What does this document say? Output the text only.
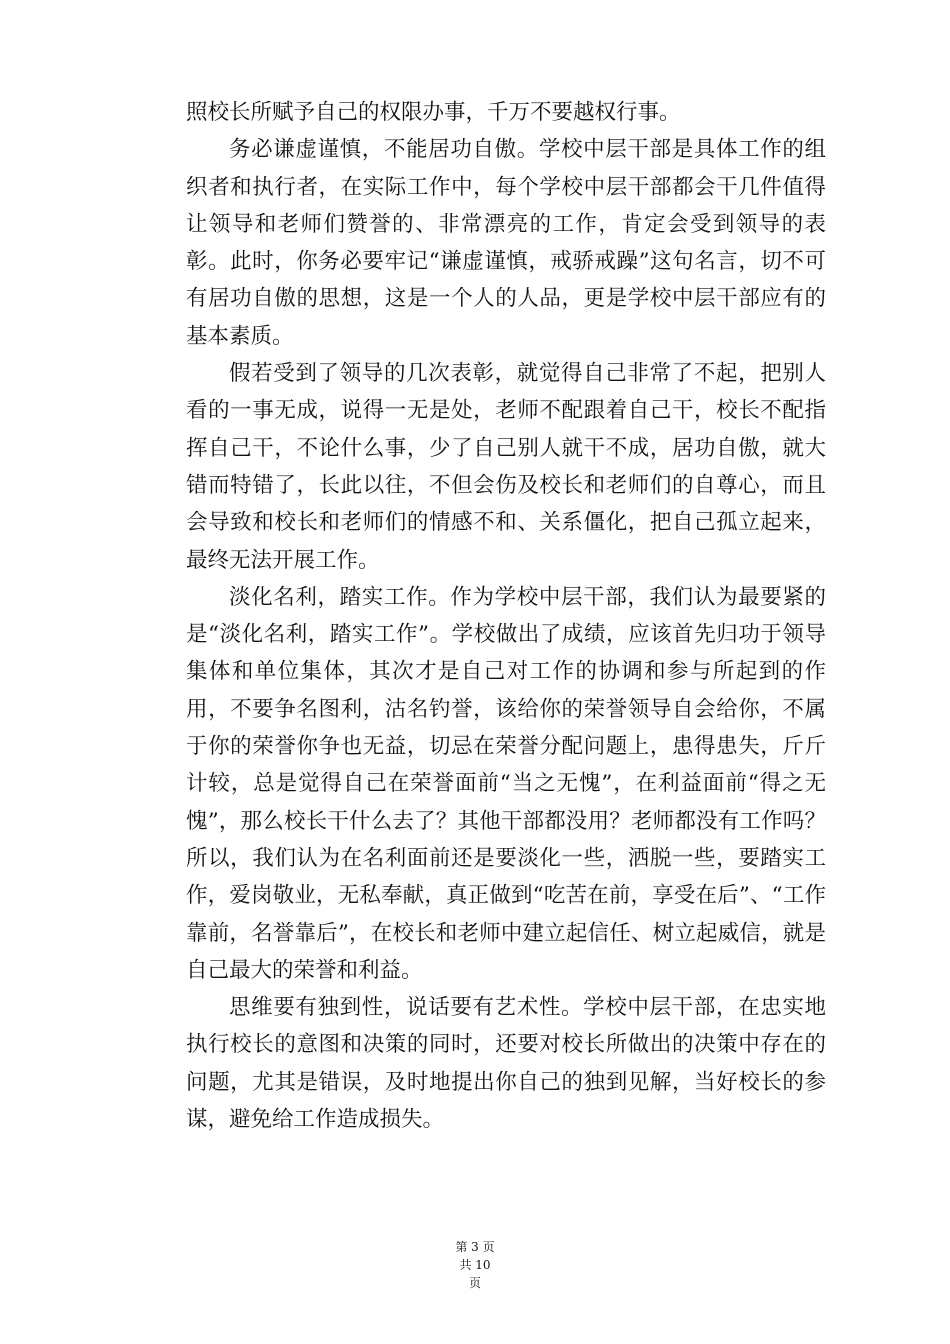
照校长所赋予自己的权限办事，千万不要越权行事。

务必谦虚谨慎，不能居功自傲。学校中层干部是具体工作的组织者和执行者，在实际工作中，每个学校中层干部都会干几件值得让领导和老师们赞誉的、非常漂亮的工作，肯定会受到领导的表彰。此时，你务必要牢记“谦虚谨慎，戒骄戒躁”这句名言，切不可有居功自傲的思想，这是一个人的人品，更是学校中层干部应有的基本素质。

假若受到了领导的几次表彰，就觉得自己非常了不起，把别人看的一事无成，说得一无是处，老师不配跟着自己干，校长不配指挥自己干，不论什么事，少了自己别人就干不成，居功自傲，就大错而特错了，长此以往，不但会伤及校长和老师们的自尊心，而且会导致和校长和老师们的情感不和、关系僵化，把自己孤立起来，最终无法开展工作。

淡化名利，踏实工作。作为学校中层干部，我们认为最要紧的是“淡化名利，踏实工作”。学校做出了成绩，应该首先归功于领导集体和单位集体，其次才是自己对工作的协调和参与所起到的作用，不要争名图利，沽名钓誉，该给你的荣誉领导自会给你，不属于你的荣誉你争也无益，切忌在荣誉分配问题上，患得患失，斤斤计较，总是觉得自己在荣誉面前“当之无愧”，在利益面前“得之无愧”，那么校长干什么去了？其他干部都没用？老师都没有工作吗？所以，我们认为在名利面前还是要淡化一些，洒脱一些，要踏实工作，爱岗敬业，无私奉献，真正做到“吃苦在前，享受在后”、“工作靠前，名誉靠后”，在校长和老师中建立起信任、树立起威信，就是自己最大的荣誉和利益。

思维要有独到性，说话要有艺术性。学校中层干部，在忠实地执行校长的意图和决策的同时，还要对校长所做出的决策中存在的问题，尤其是错误，及时地提出你自己的独到见解，当好校长的参谋，避免给工作造成损失。

第 3 页
共 10
页
